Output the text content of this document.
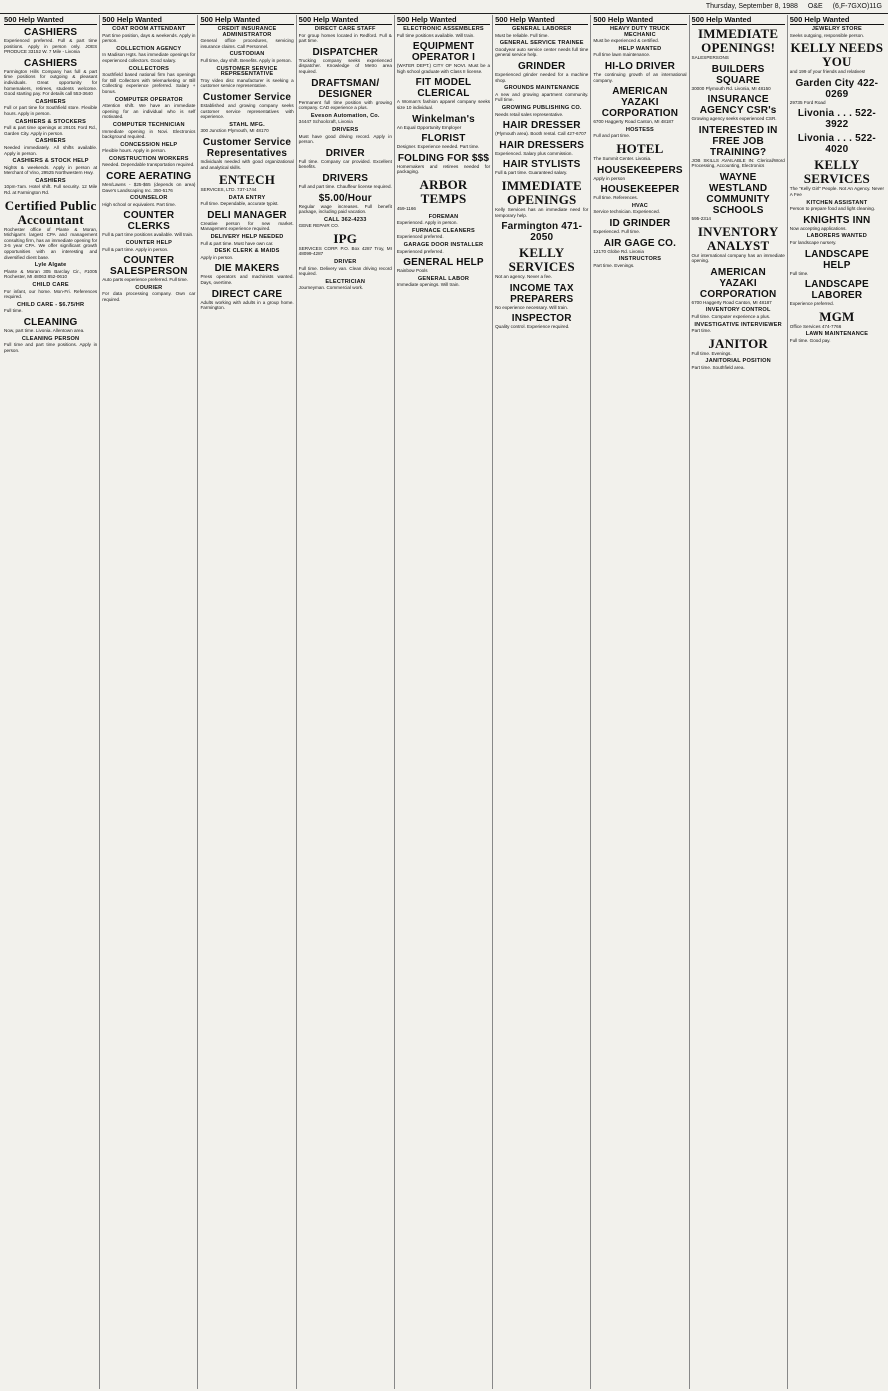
Thursday, September 8, 1988 O&E (6,F-7GXO)11G
500 Help Wanted
CASHIERS
Experienced preferred. Full & part time positions. Apply in person only. JOES PRODUCE 33152 W. 7 Mile - Livonia
CASHIERS
Farmington Hills Company has full & part time positions for outgoing & pleasant individuals. Great opportunity for homemakers, retirees, students welcome. Good starting pay. For details call 553-3640
CASHIERS
Full or part time for Southfield store. Flexible hours. Apply in person.
CASHIERS & STOCKERS
Full & part time openings at 29101 Ford Rd., Garden City. Apply in person.
CASHIERS
Needed immediately. All shifts available. Apply in person.
CASHIERS & STOCK HELP
Nights & weekends. Apply in person at Merchant of Vino, 29525 Northwestern Hwy.
CASHIERS
10pm-7am. Hotel shift. Full security. 12 Mile Rd. at Farmington Rd.
Certified Public Accountant
Rochester office of Plante & Moran, Michigan's largest CPA and management consulting firm, has an immediate opening for 3-5 year CPA. We offer significant growth opportunities with an interesting and diversified client base.
Lyle Algate
Plante & Moran 305 Barclay Cir., #1005 Rochester, MI 48063 852-0610
CHILD CARE
For infant, our home. Mon-Fri. References required.
CHILD CARE - $6.75/HR
Full time.
CLEANING
Now, part time. Livonia. Allentown area.
CLEANING PERSON
Full time and part time positions. Apply in person.
500 Help Wanted
COAT ROOM ATTENDANT
Part time position, days & weekends. Apply in person.
COLLECTION AGENCY
In Madison Hgts. has immediate openings for experienced collectors. Good salary.
COLLECTORS
Southfield based national firm has openings for Bill Collectors with telemarketing or Bill Collecting experience preferred. Salary + bonus.
COMPUTER OPERATOR
Attention shift. We have an immediate opening for an individual who is self motivated.
COMPUTER TECHNICIAN
Immediate opening in Novi. Electronics background required.
CONCESSION HELP
Flexible hours. Apply in person.
CONSTRUCTION WORKERS
Needed. Dependable transportation required.
CORE AERATING
Men/Lawns - $25-$65 (depends on area) Dave's Landscaping Inc. 350-5176
COUNSELOR
High school or equivalent. Part time.
COUNTER CLERKS
Full & part time positions available. Will train.
COUNTER HELP
Full & part time. Apply in person.
COUNTER SALESPERSON
Auto parts experience preferred. Full time.
COURIER
For data processing company. Own car required.
500 Help Wanted
CREDIT INSURANCE ADMINISTRATOR
General office procedures, servicing insurance claims. Call Personnel.
CUSTODIAN
Full time, day shift. Benefits. Apply in person.
CUSTOMER SERVICE REPRESENTATIVE
Troy video disc manufacturer is seeking a customer service representative.
Customer Service
Established and growing company seeks customer service representatives with experience.
STAHL MFG.
300 Junction Plymouth, MI 48170
Customer Service Representatives
Individuals needed with good organizational and analytical skills.
ENTECH
SERVICES, LTD. 737-1744
DATA ENTRY
Full time. Dependable, accurate typist.
DELI MANAGER
Creative person for new market. Management experience required.
DELIVERY HELP NEEDED
Full & part time. Must have own car.
DESK CLERK & MAIDS
Apply in person.
DIE MAKERS
Press operators and machinists wanted. Days, overtime.
DIRECT CARE
Adults working with adults in a group home. Farmington.
500 Help Wanted
DIRECT CARE STAFF
For group homes located in Redford. Full & part time.
DISPATCHER
Trucking company seeks experienced dispatcher. Knowledge of Metro area required.
DRAFTSMAN/ DESIGNER
Permanent full time position with growing company. CAD experience a plus.
Eveson Automation, Co.
34447 Schoolcraft, Livonia
DRIVERS
Must have good driving record. Apply in person.
DRIVER
Full time. Company car provided. Excellent benefits.
DRIVERS
Full and part time. Chauffeur license required.
$5.00/Hour
Regular wage increases. Full benefit package, including paid vacation.
CALL 362-4233
GENE REPAIR CO.
IPG
SERVICES CORP. P.O. Box 4287 Troy, MI 48099-4287
DRIVER
Full time. Delivery van. Clean driving record required.
ELECTRICIAN
Journeyman. Commercial work.
500 Help Wanted
ELECTRONIC ASSEMBLERS
Full time positions available. Will train.
EQUIPMENT OPERATOR I
(WATER DEPT.) CITY OF NOVI. Must be a high school graduate with Class II license.
FIT MODEL CLERICAL
A Woman's fashion apparel company seeks size 10 individual.
Winkelman's
An Equal Opportunity Employer
FLORIST
Designer. Experience needed. Part time.
FOLDING FOR $$$
Homemakers and retirees needed for packaging.
ARBOR TEMPS
459-1166
FOREMAN
Experienced. Apply in person.
FURNACE CLEANERS
Experienced preferred.
GARAGE DOOR INSTALLER
Experienced preferred.
GENERAL HELP
Rainbow Pools
GENERAL LABOR
Immediate openings. Will train.
500 Help Wanted
GENERAL LABORER
Must be reliable. Full time.
GENERAL SERVICE TRAINEE
Goodyear auto service center needs full time general service help.
GRINDER
Experienced grinder needed for a machine shop.
GROUNDS MAINTENANCE
A new and growing apartment community. Full time.
GROWING PUBLISHING CO.
Needs retail sales representative.
HAIR DRESSER
(Plymouth area). Booth rental. Call 427-6707
HAIR DRESSERS
Experienced. Salary plus commission.
HAIR STYLISTS
Full & part time. Guaranteed salary.
IMMEDIATE OPENINGS
Kelly Services has an immediate need for temporary help.
Farmington 471-2050
KELLY SERVICES
Not an agency. Never a fee.
INCOME TAX PREPARERS
No experience necessary. Will train.
INSPECTOR
Quality control. Experience required.
500 Help Wanted
HEAVY DUTY TRUCK MECHANIC
Must be experienced & certified.
HELP WANTED
Full time lawn maintenance.
HI-LO DRIVER
The continuing growth of an international company.
AMERICAN YAZAKI CORPORATION
6700 Haggerty Road Canton, MI 48187
HOSTESS
Full and part time.
HOTEL
The Summit Center. Livonia.
HOUSEKEEPERS
Apply in person
HOUSEKEEPER
Full time. References.
HVAC
Service technician. Experienced.
ID GRINDER
Experienced. Full time.
AIR GAGE CO.
12170 Globe Rd. Livonia
INSTRUCTORS
Part time. Evenings.
500 Help Wanted
IMMEDIATE OPENINGS!
SALESPERSONS
BUILDERS SQUARE
30000 Plymouth Rd. Livonia, MI 48150
INSURANCE AGENCY CSR's
Growing agency seeks experienced CSR.
INTERESTED IN FREE JOB TRAINING?
JOB SKILLS AVAILABLE IN: Clerical/Word Processing, Accounting, Electronics
WAYNE WESTLAND COMMUNITY SCHOOLS
595-2314
INVENTORY ANALYST
Our international company has an immediate opening.
AMERICAN YAZAKI CORPORATION
6700 Haggerty Road Canton, MI 48187
INVENTORY CONTROL
Full time. Computer experience a plus.
INVESTIGATIVE INTERVIEWER
Part time.
JANITOR
Full time. Evenings.
JANITORIAL POSITION
Part time. Southfield area.
500 Help Wanted
JEWELRY STORE
Seeks outgoing, responsible person.
KELLY NEEDS YOU
and 199 of your friends and relatives!
Garden City 422-0269
29735 Ford Road
Livonia . . . 522-3922
Livonia . . . 522-4020
KELLY SERVICES
The "Kelly Girl" People. Not An Agency. Never A Fee
KITCHEN ASSISTANT
Person to prepare food and light cleaning.
KNIGHTS INN
Now accepting applications.
LABORERS WANTED
For landscape nursery.
LANDSCAPE HELP
Full time.
LANDSCAPE LABORER
Experience preferred.
MGM
Office Services 474-7766
LAWN MAINTENANCE
Full time. Good pay.
